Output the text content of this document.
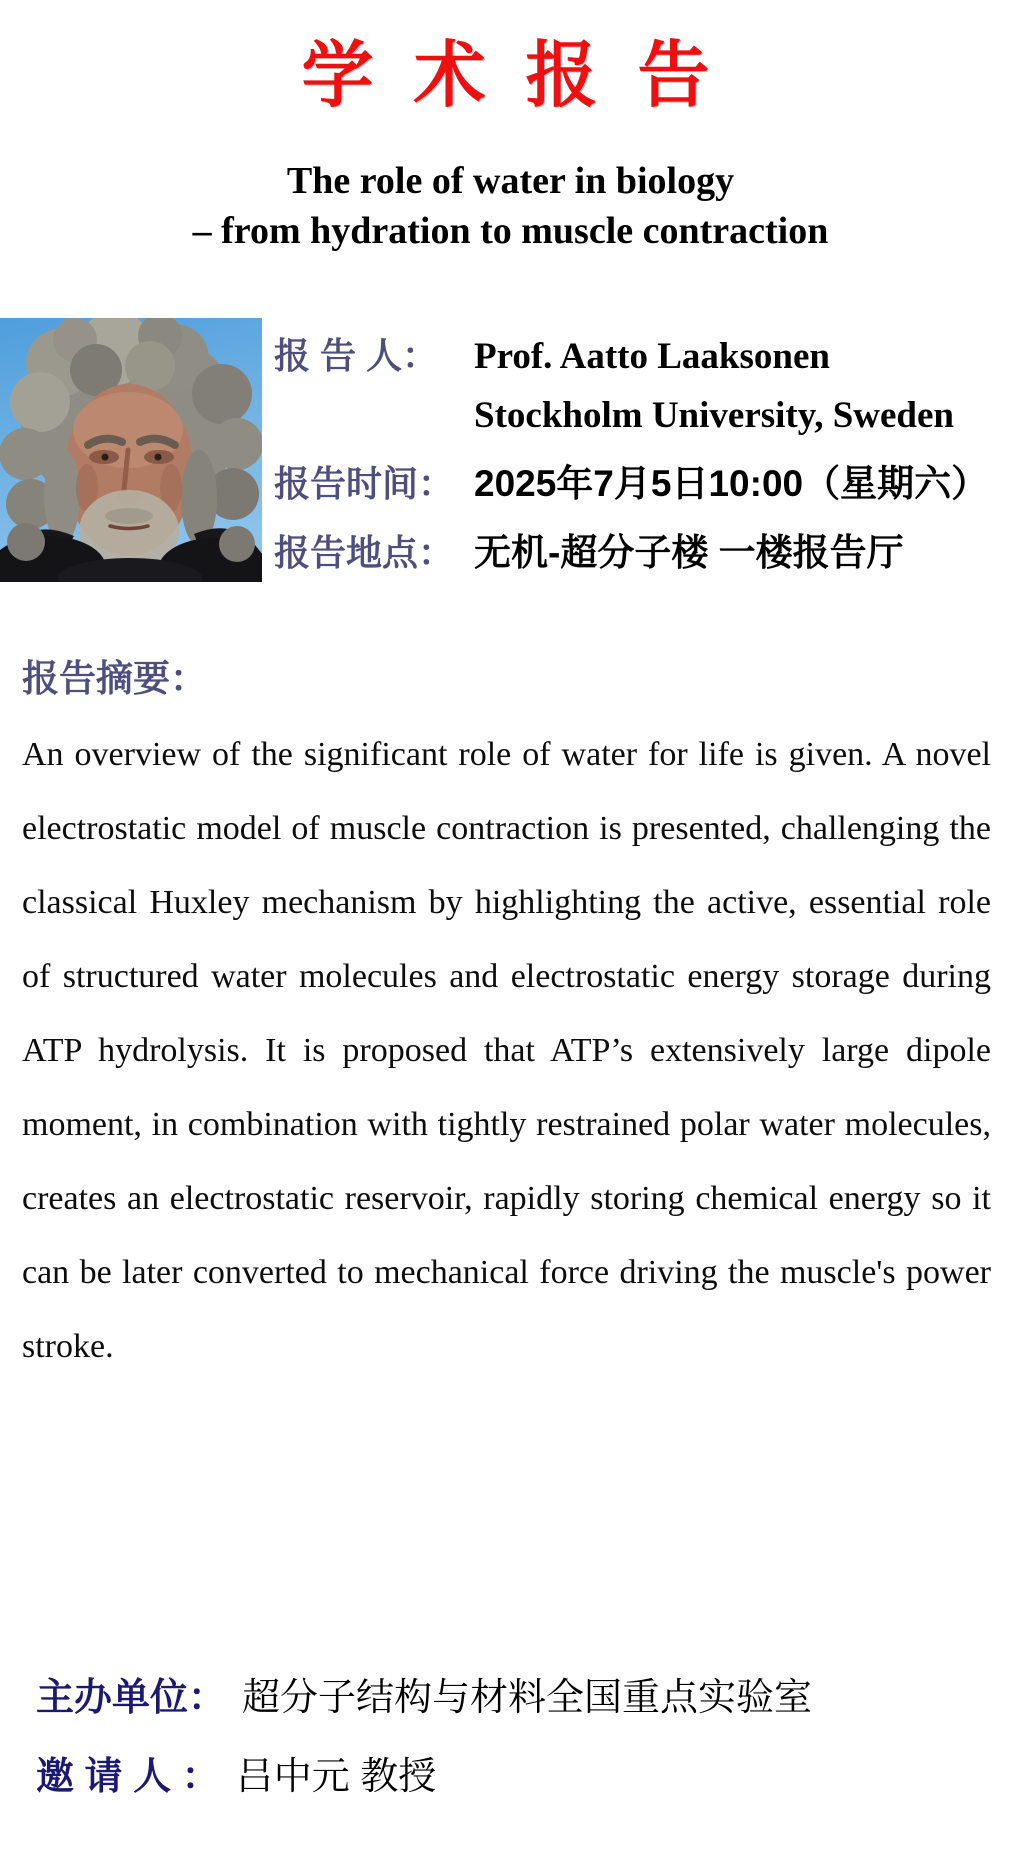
学 术 报 告
The role of water in biology
– from hydration to muscle contraction
报 告 人： Prof. Aatto Laaksonen
Stockholm University, Sweden
报告时间： 2025年7月5日10:00（星期六）
报告地点： 无机-超分子楼 一楼报告厅
报告摘要：
An overview of the significant role of water for life is given. A novel electrostatic model of muscle contraction is presented, challenging the classical Huxley mechanism by highlighting the active, essential role of structured water molecules and electrostatic energy storage during ATP hydrolysis. It is proposed that ATP’s extensively large dipole moment, in combination with tightly restrained polar water molecules, creates an electrostatic reservoir, rapidly storing chemical energy so it can be later converted to mechanical force driving the muscle's power stroke.
主办单位： 超分子结构与材料全国重点实验室
邀 请 人 ： 吕中元 教授
